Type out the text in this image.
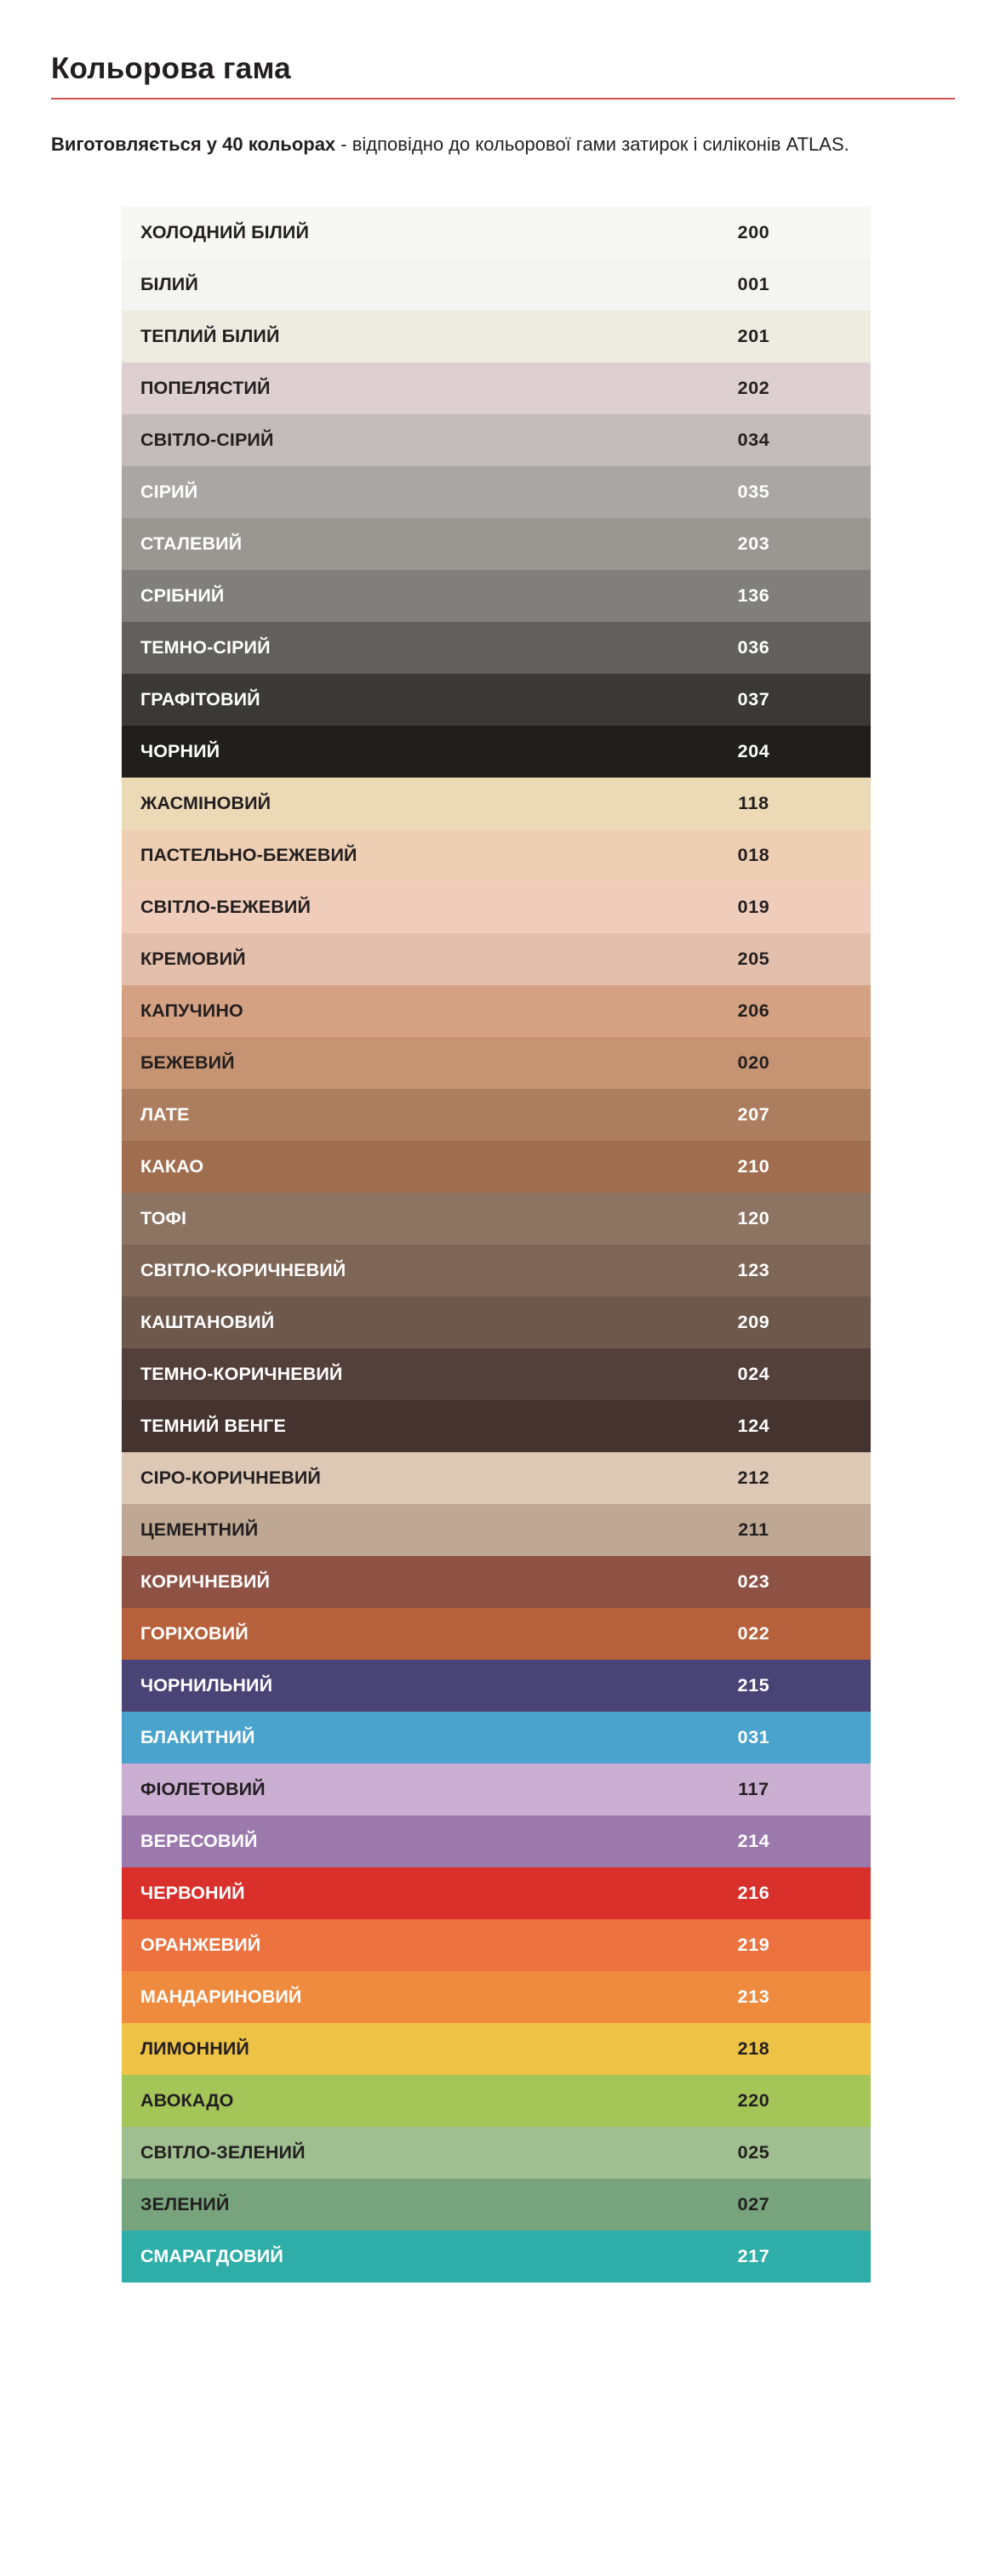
Кольорова гама

Виготовляється у 40 кольорах - відповідно до кольорової гами затирок і силіконів ATLAS.

ХОЛОДНИЙ БІЛИЙ	200
БІЛИЙ	001
ТЕПЛИЙ БІЛИЙ	201
ПОПЕЛЯСТИЙ	202
СВІТЛО-СІРИЙ	034
СІРИЙ	035
СТАЛЕВИЙ	203
СРІБНИЙ	136
ТЕМНО-СІРИЙ	036
ГРАФІТОВИЙ	037
ЧОРНИЙ	204
ЖАСМІНОВИЙ	118
ПАСТЕЛЬНО-БЕЖЕВИЙ	018
СВІТЛО-БЕЖЕВИЙ	019
КРЕМОВИЙ	205
КАПУЧИНО	206
БЕЖЕВИЙ	020
ЛАТЕ	207
КАКАО	210
ТОФІ	120
СВІТЛО-КОРИЧНЕВИЙ	123
КАШТАНОВИЙ	209
ТЕМНО-КОРИЧНЕВИЙ	024
ТЕМНИЙ ВЕНГЕ	124
СІРО-КОРИЧНЕВИЙ	212
ЦЕМЕНТНИЙ	211
КОРИЧНЕВИЙ	023
ГОРІХОВИЙ	022
ЧОРНИЛЬНИЙ	215
БЛАКИТНИЙ	031
ФІОЛЕТОВИЙ	117
ВЕРЕСОВИЙ	214
ЧЕРВОНИЙ	216
ОРАНЖЕВИЙ	219
МАНДАРИНОВИЙ	213
ЛИМОННИЙ	218
АВОКАДО	220
СВІТЛО-ЗЕЛЕНИЙ	025
ЗЕЛЕНИЙ	027
СМАРАГДОВИЙ	217
